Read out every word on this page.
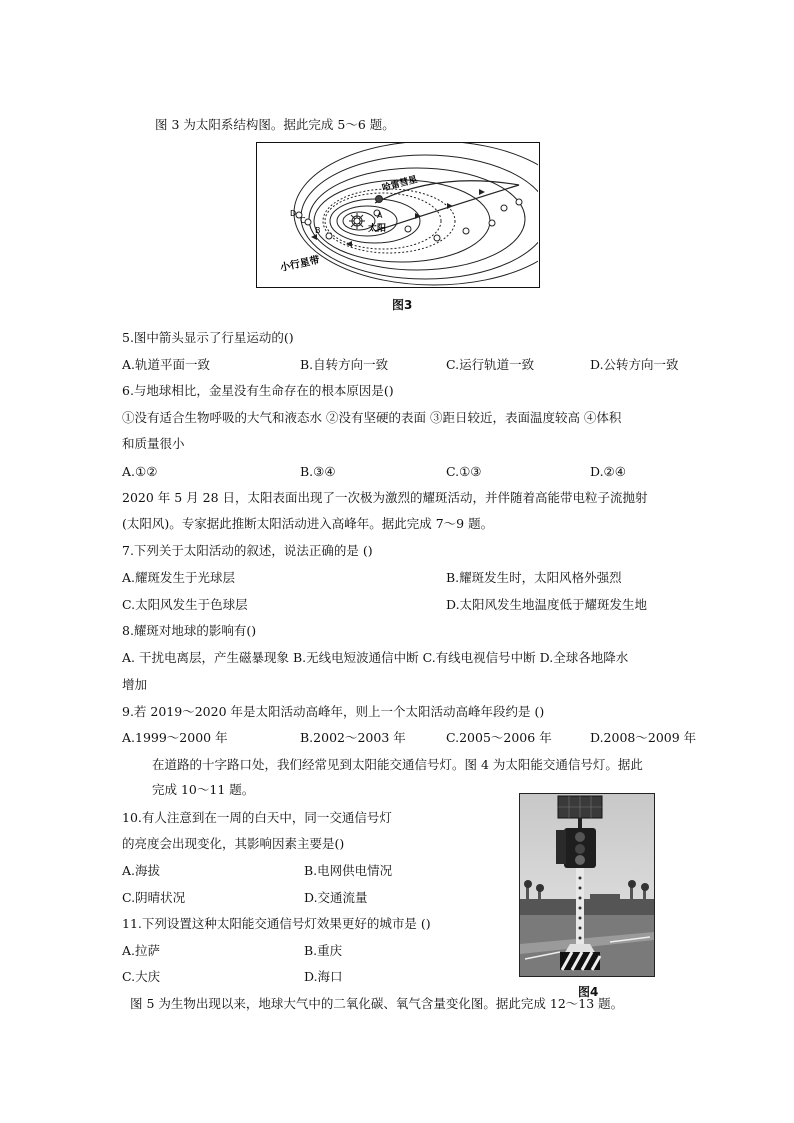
图 3 为太阳系结构图。据此完成 5～6 题。
哈雷彗星
太阳
小行星带
A
B
C
D
图3
5.图中箭头显示了行星运动的()
A.轨道平面一致	B.自转方向一致	C.运行轨道一致	D.公转方向一致
6.与地球相比，金星没有生命存在的根本原因是()
①没有适合生物呼吸的大气和液态水 ②没有坚硬的表面 ③距日较近，表面温度较高 ④体积
和质量很小
A.①②	B.③④	C.①③	D.②④
2020 年 5 月 28 日，太阳表面出现了一次极为激烈的耀斑活动，并伴随着高能带电粒子流抛射
(太阳风)。专家据此推断太阳活动进入高峰年。据此完成 7～9 题。
7.下列关于太阳活动的叙述，说法正确的是 ()
A.耀斑发生于光球层	B.耀斑发生时，太阳风格外强烈
C.太阳风发生于色球层	D.太阳风发生地温度低于耀斑发生地
8.耀斑对地球的影响有()
A. 干扰电离层，产生磁暴现象 B.无线电短波通信中断 C.有线电视信号中断 D.全球各地降水
增加
9.若 2019～2020 年是太阳活动高峰年，则上一个太阳活动高峰年段约是 ()
A.1999～2000 年	B.2002～2003 年	C.2005～2006 年	D.2008～2009 年
在道路的十字路口处，我们经常见到太阳能交通信号灯。图 4 为太阳能交通信号灯。据此
完成 10～11 题。
10.有人注意到在一周的白天中，同一交通信号灯
的亮度会出现变化，其影响因素主要是()
A.海拔	B.电网供电情况
C.阴晴状况	D.交通流量
11.下列设置这种太阳能交通信号灯效果更好的城市是 ()
A.拉萨	B.重庆
C.大庆	D.海口
图4
图 5 为生物出现以来，地球大气中的二氧化碳、氧气含量变化图。据此完成 12～13 题。
